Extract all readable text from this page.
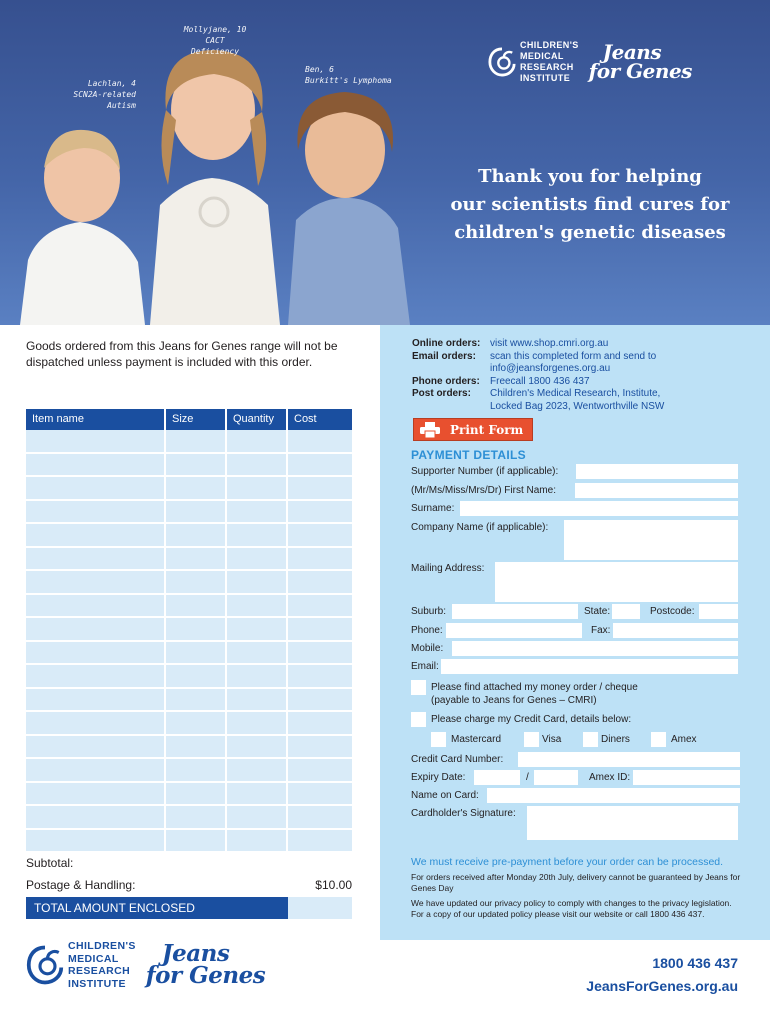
Mollyjane, 10
CACT Deficiency
Ben, 6
Burkitt's Lymphoma
Lachlan, 4
SCN2A-related Autism
CHILDREN'S
MEDICAL
RESEARCH
INSTITUTE
Jeans
for Genes
Thank you for helping
our scientists find cures for
children's genetic diseases
Goods ordered from this Jeans for Genes range will not be dispatched unless payment is included with this order.
Item name	Size	Quantity	Cost
Subtotal:
Postage & Handling:	$10.00
TOTAL AMOUNT ENCLOSED
CHILDREN'S
MEDICAL
RESEARCH
INSTITUTE
Jeans
for Genes
Online orders: visit www.shop.cmri.org.au
Email orders:	scan this completed form and send to
info@jeansforgenes.org.au
Phone orders:	Freecall 1800 436 437
Post orders:	Children's Medical Research, Institute,
Locked Bag 2023, Wentworthville NSW
Print Form
PAYMENT DETAILS
Supporter Number (if applicable):
(Mr/Ms/Miss/Mrs/Dr) First Name:
Surname:
Company Name (if applicable):
Mailing Address:
Suburb:	State:	Postcode:
Phone:	Fax:
Mobile:
Email:
Please find attached my money order / cheque
(payable to Jeans for Genes – CMRI)
Please charge my Credit Card, details below:
Mastercard	Visa	Diners	Amex
Credit Card Number:
Expiry Date:	/	Amex ID:
Name on Card:
Cardholder's Signature:
We must receive pre-payment before your order can be processed.
For orders received after Monday 20th July, delivery cannot be guaranteed by Jeans for Genes Day
We have updated our privacy policy to comply with changes to the privacy legislation. For a copy of our updated policy please visit our website or call 1800 436 437.
1800 436 437
JeansForGenes.org.au
